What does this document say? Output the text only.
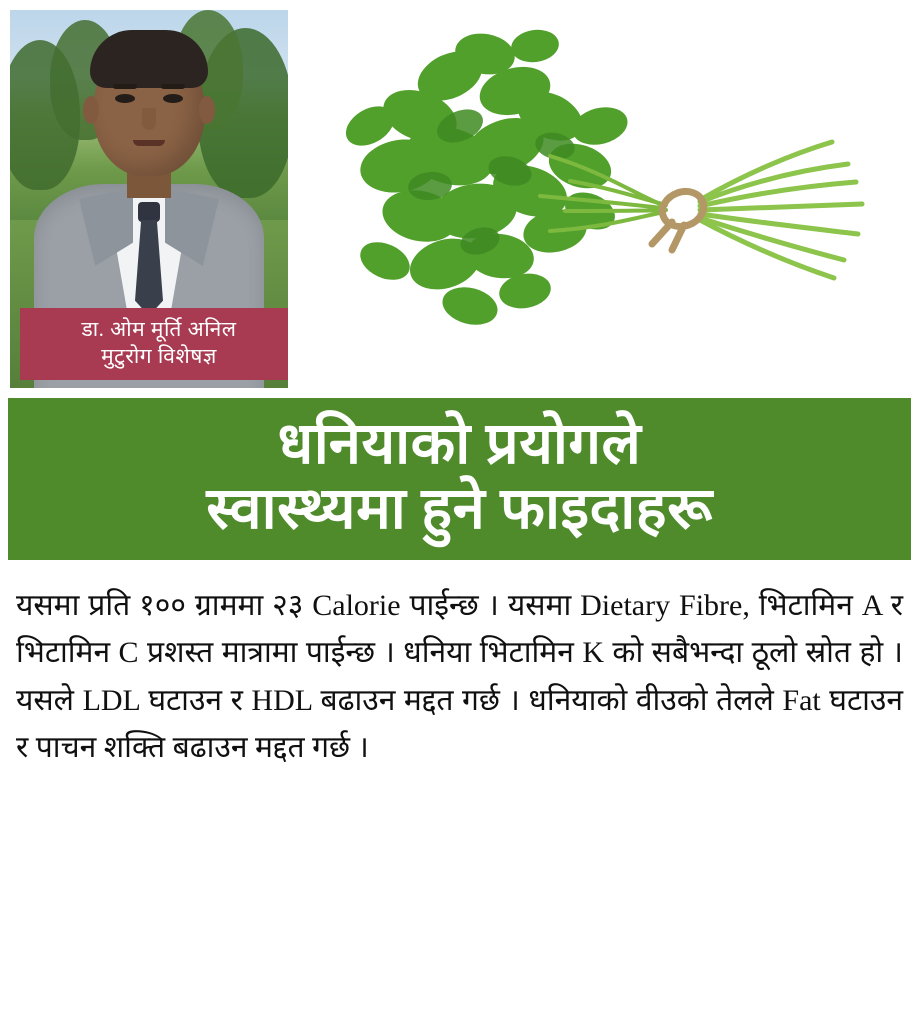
डा. ओम मूर्ति अनिल
मुटुरोग विशेषज्ञ
धनियाको प्रयोगले
स्वास्थ्यमा हुने फाइदाहरू

यसमा प्रति १०० ग्राममा २३ Calorie पाईन्छ । यसमा Dietary Fibre, भिटामिन A र भिटामिन C प्रशस्त मात्रामा पाईन्छ । धनिया भिटामिन K को सबैभन्दा ठूलो स्रोत हो । यसले LDL घटाउन र HDL बढाउन मद्दत गर्छ । धनियाको वीउको तेलले Fat घटाउन र पाचन शक्ति बढाउन मद्दत गर्छ ।
